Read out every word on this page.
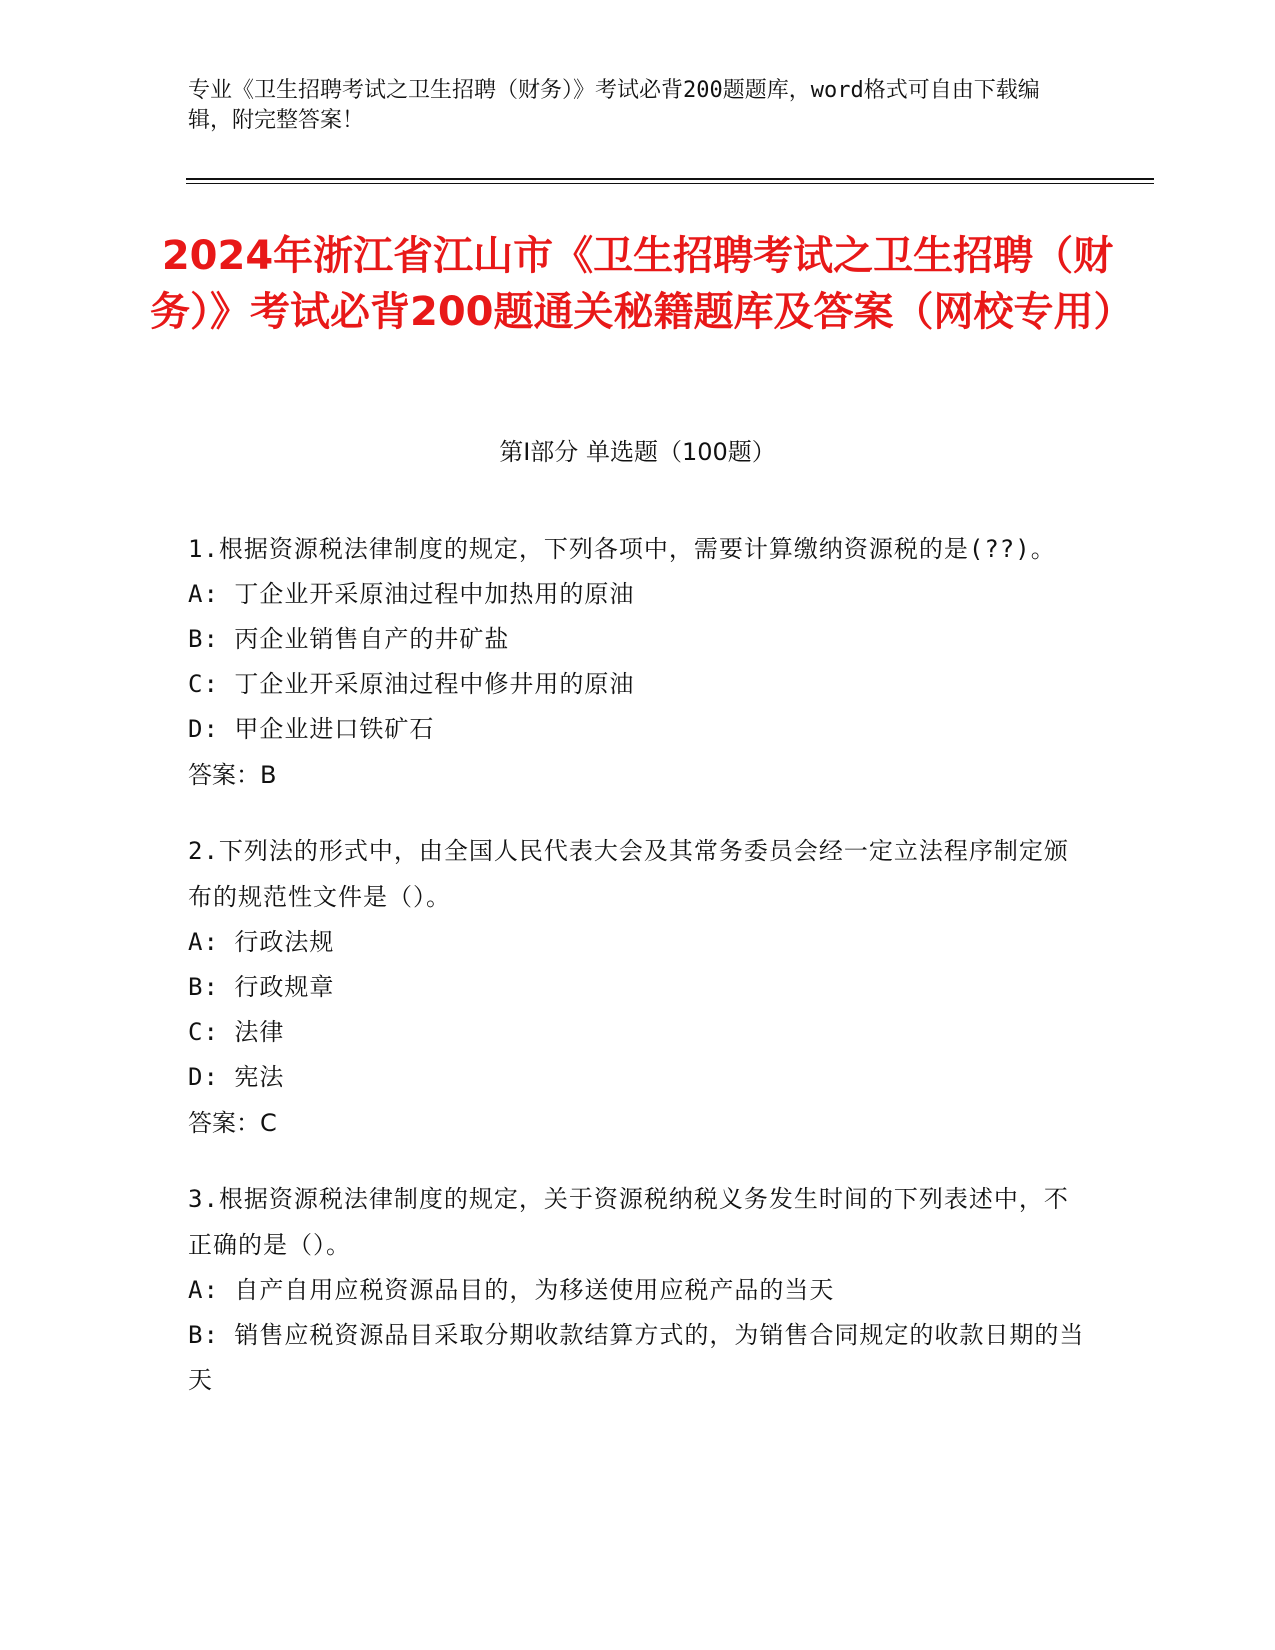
专业《卫生招聘考试之卫生招聘（财务）》考试必背200题题库，word格式可自由下载编辑，附完整答案！
2024年浙江省江山市《卫生招聘考试之卫生招聘（财务）》考试必背200题通关秘籍题库及答案（网校专用）
第Ⅰ部分 单选题（100题）
1.根据资源税法律制度的规定，下列各项中，需要计算缴纳资源税的是(??)。
A: 丁企业开采原油过程中加热用的原油
B: 丙企业销售自产的井矿盐
C: 丁企业开采原油过程中修井用的原油
D: 甲企业进口铁矿石
答案：B
2.下列法的形式中，由全国人民代表大会及其常务委员会经一定立法程序制定颁布的规范性文件是（）。
A: 行政法规
B: 行政规章
C: 法律
D: 宪法
答案：C
3.根据资源税法律制度的规定，关于资源税纳税义务发生时间的下列表述中，不正确的是（）。
A: 自产自用应税资源品目的，为移送使用应税产品的当天
B: 销售应税资源品目采取分期收款结算方式的，为销售合同规定的收款日期的当天
